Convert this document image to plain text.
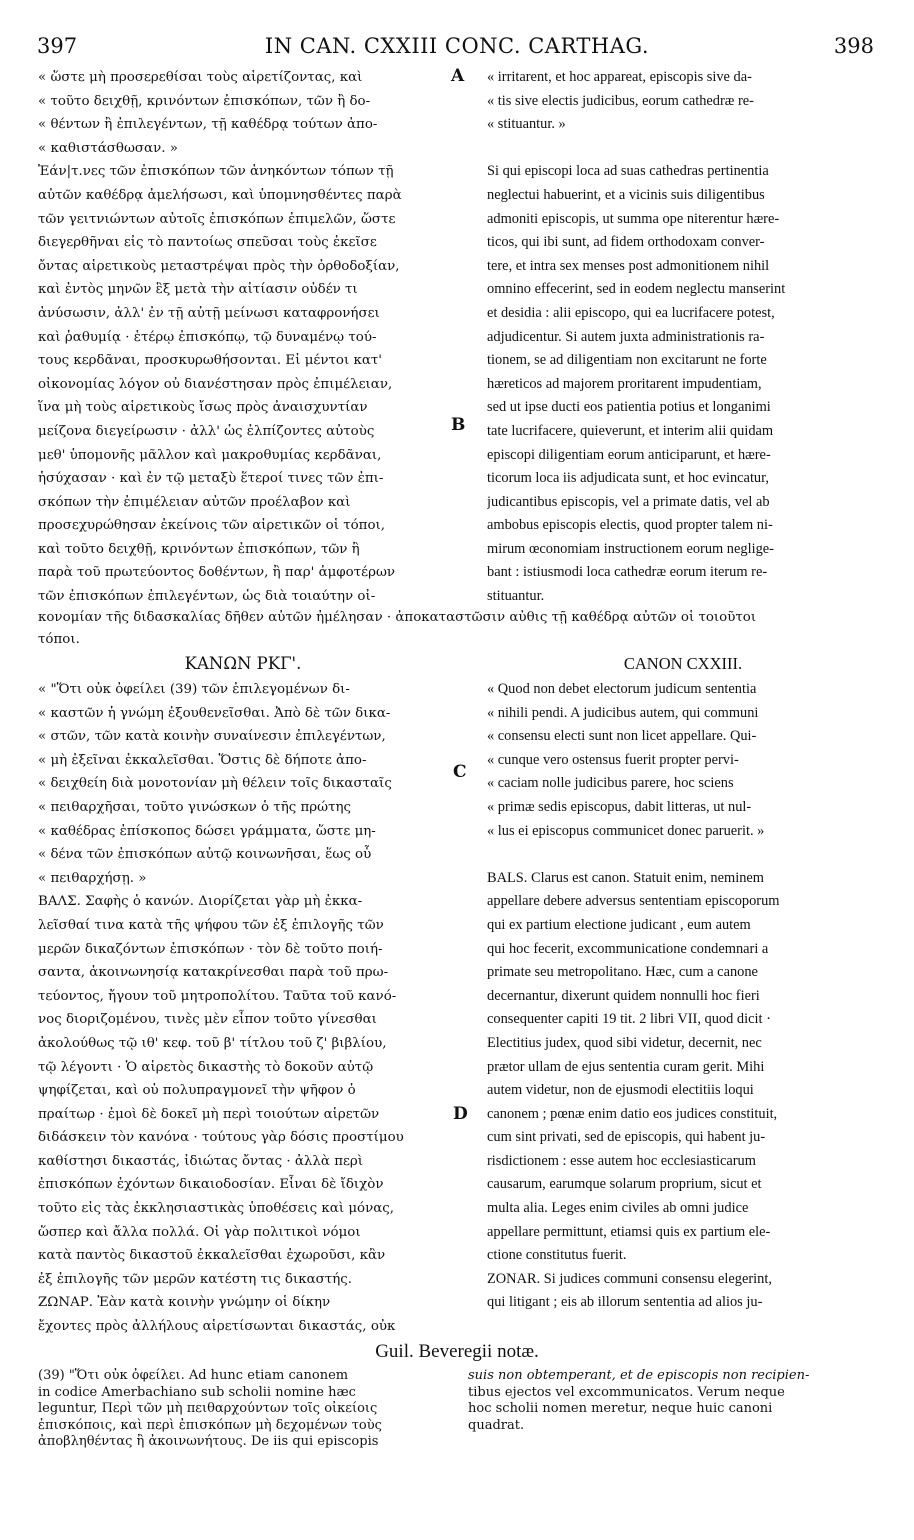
397	IN CAN. CXXIII CONC. CARTHAG.	398
A
B
C
D
« ὥστε μὴ προσερεθίσαι τοὺς αἱρετίζοντας, καὶ
« τοῦτο δειχθῇ, κρινόντων ἐπισκόπων, τῶν ἢ δο-
« θέντων ἢ ἐπιλεγέντων, τῇ καθέδρᾳ τούτων ἀπο-
« καθιστάσθωσαν. »
Ἐάν|τ.νες τῶν ἐπισκόπων τῶν ἀνηκόντων τόπων τῇ
αὐτῶν καθέδρᾳ ἀμελήσωσι, καὶ ὑπομνησθέντες παρὰ
τῶν γειτνιώντων αὐτοῖς ἐπισκόπων ἐπιμελῶν, ὥστε
διεγερθῆναι εἰς τὸ παντοίως σπεῦσαι τοὺς ἐκεῖσε
ὄντας αἱρετικοὺς μεταστρέψαι πρὸς τὴν ὀρθοδοξίαν,
καὶ ἐντὸς μηνῶν ἓξ μετὰ τὴν αἰτίασιν οὐδέν τι
ἀνύσωσιν, ἀλλ' ἐν τῇ αὐτῇ μείνωσι καταφρονήσει
καὶ ῥαθυμίᾳ · ἑτέρῳ ἐπισκόπῳ, τῷ δυναμένῳ τού-
τους κερδᾶναι, προσκυρωθήσονται. Εἰ μέντοι κατ'
οἰκονομίας λόγον οὐ διανέστησαν πρὸς ἐπιμέλειαν,
ἵνα μὴ τοὺς αἱρετικοὺς ἴσως πρὸς ἀναισχυντίαν
μείζονα διεγείρωσιν · ἀλλ' ὡς ἐλπίζοντες αὐτοὺς
μεθ' ὑπομονῆς μᾶλλον καὶ μακροθυμίας κερδᾶναι,
ἡσύχασαν · καὶ ἐν τῷ μεταξὺ ἕτεροί τινες τῶν ἐπι-
σκόπων τὴν ἐπιμέλειαν αὐτῶν προέλαβον καὶ
προσεχυρώθησαν ἐκείνοις τῶν αἱρετικῶν οἱ τόποι,
καὶ τοῦτο δειχθῇ, κρινόντων ἐπισκόπων, τῶν ἢ
παρὰ τοῦ πρωτεύοντος δοθέντων, ἢ παρ' ἀμφοτέρων
τῶν ἐπισκόπων ἐπιλεγέντων, ὡς διὰ τοιαύτην οἰ-
κονομίαν τῆς διδασκαλίας δῆθεν αὐτῶν ἠμέλησαν · ἀποκαταστῶσιν αὖθις τῇ καθέδρᾳ αὐτῶν οἱ τοιοῦτοι
τόποι.
« irritarent, et hoc appareat, episcopis sive da-
« tis sive electis judicibus, eorum cathedræ re-
« stituantur. »

Si qui episcopi loca ad suas cathedras pertinentia
neglectui habuerint, et a vicinis suis diligentibus
admoniti episcopis, ut summa ope niterentur hære-
ticos, qui ibi sunt, ad fidem orthodoxam conver-
tere, et intra sex menses post admonitionem nihil
omnino effecerint, sed in eodem neglectu manserint
et desidia : alii episcopo, qui ea lucrifacere potest,
adjudicentur. Si autem juxta administrationis ra-
tionem, se ad diligentiam non excitarunt ne forte
hæreticos ad majorem proritarent impudentiam,
sed ut ipse ducti eos patientia potius et longanimi
tate lucrifacere, quieverunt, et interim alii quidam
episcopi diligentiam eorum anticiparunt, et hære-
ticorum loca iis adjudicata sunt, et hoc evincatur,
judicantibus episcopis, vel a primate datis, vel ab
ambobus episcopis electis, quod propter talem ni-
mirum œconomiam instructionem eorum neglige-
bant : istiusmodi loca cathedræ eorum iterum re-
stituantur.
ΚΑΝΩΝ ΡΚΓ'.	CANON CXXIII.
« "Ὅτι οὐκ ὀφείλει (39) τῶν ἐπιλεγομένων δι-
« καστῶν ἡ γνώμη ἐξουθενεῖσθαι. Ἀπὸ δὲ τῶν δικα-
« στῶν, τῶν κατὰ κοινὴν συναίνεσιν ἐπιλεγέντων,
« μὴ ἐξεῖναι ἐκκαλεῖσθαι. Ὅστις δὲ δήποτε ἀπο-
« δειχθείη διὰ μονοτονίαν μὴ θέλειν τοῖς δικασταῖς
« πειθαρχῆσαι, τοῦτο γινώσκων ὁ τῆς πρώτης
« καθέδρας ἐπίσκοπος δώσει γράμματα, ὥστε μη-
« δένα τῶν ἐπισκόπων αὐτῷ κοινωνῆσαι, ἕως οὗ
« πειθαρχήσῃ. »
ΒΑΛΣ. Σαφὴς ὁ κανών. Διορίζεται γὰρ μὴ ἐκκα-
λεῖσθαί τινα κατὰ τῆς ψήφου τῶν ἐξ ἐπιλογῆς τῶν
μερῶν δικαζόντων ἐπισκόπων · τὸν δὲ τοῦτο ποιή-
σαντα, ἀκοινωνησίᾳ κατακρίνεσθαι παρὰ τοῦ πρω-
τεύοντος, ἤγουν τοῦ μητροπολίτου. Ταῦτα τοῦ κανό-
νος διοριζομένου, τινὲς μὲν εἶπον τοῦτο γίνεσθαι
ἀκολούθως τῷ ιθ' κεφ. τοῦ β' τίτλου τοῦ ζ' βιβλίου,
τῷ λέγοντι · Ὁ αἱρετὸς δικαστὴς τὸ δοκοῦν αὐτῷ
ψηφίζεται, καὶ οὐ πολυπραγμονεῖ τὴν ψῆφον ὁ
πραίτωρ · ἐμοὶ δὲ δοκεῖ μὴ περὶ τοιούτων αἱρετῶν
διδάσκειν τὸν κανόνα · τούτους γὰρ δόσις προστίμου
καθίστησι δικαστάς, ἰδιώτας ὄντας · ἀλλὰ περὶ
ἐπισκόπων ἐχόντων δικαιοδοσίαν. Εἶναι δὲ ἴδιχὸν
τοῦτο εἰς τὰς ἐκκλησιαστικὰς ὑποθέσεις καὶ μόνας,
ὥσπερ καὶ ἄλλα πολλά. Οἱ γὰρ πολιτικοὶ νόμοι
κατὰ παντὸς δικαστοῦ ἐκκαλεῖσθαι ἐχωροῦσι, κἂν
ἐξ ἐπιλογῆς τῶν μερῶν κατέστη τις δικαστής.
ΖΩΝΑΡ. Ἐὰν κατὰ κοινὴν γνώμην οἱ δίκην
ἔχοντες πρὸς ἀλλήλους αἱρετίσωνται δικαστάς, οὐκ
« Quod non debet electorum judicum sententia
« nihili pendi. A judicibus autem, qui communi
« consensu electi sunt non licet appellare. Qui-
« cunque vero ostensus fuerit propter pervi-
« caciam nolle judicibus parere, hoc sciens
« primæ sedis episcopus, dabit litteras, ut nul-
« lus ei episcopus communicet donec paruerit. »

BALS. Clarus est canon. Statuit enim, neminem
appellare debere adversus sententiam episcoporum
qui ex partium electione judicant , eum autem
qui hoc fecerit, excommunicatione condemnari a
primate seu metropolitano. Hæc, cum a canone
decernantur, dixerunt quidem nonnulli hoc fieri
consequenter capiti 19 tit. 2 libri VII, quod dicit ·
Electitius judex, quod sibi videtur, decernit, nec
prætor ullam de ejus sententia curam gerit. Mihi
autem videtur, non de ejusmodi electitiis loqui
canonem ; pœnæ enim datio eos judices constituit,
cum sint privati, sed de episcopis, qui habent ju-
risdictionem : esse autem hoc ecclesiasticarum
causarum, earumque solarum proprium, sicut et
multa alia. Leges enim civiles ab omni judice
appellare permittunt, etiamsi quis ex partium ele-
ctione constitutus fuerit.
ZONAR. Si judices communi consensu elegerint,
qui litigant ; eis ab illorum sententia ad alios ju-
Guil. Beveregii notæ.
(39) "Ὅτι οὐκ ὀφείλει. Ad hunc etiam canonem
in codice Amerbachiano sub scholii nomine hæc
leguntur, Περὶ τῶν μὴ πειθαρχούντων τοῖς οἰκείοις
ἐπισκόποις, καὶ περὶ ἐπισκόπων μὴ δεχομένων τοὺς
ἀποβληθέντας ἢ ἀκοινωνήτους. De iis qui episcopis
suis non obtemperant, et de episcopis non recipien-
tibus ejectos vel excommunicatos. Verum neque
hoc scholii nomen meretur, neque huic canoni
quadrat.
